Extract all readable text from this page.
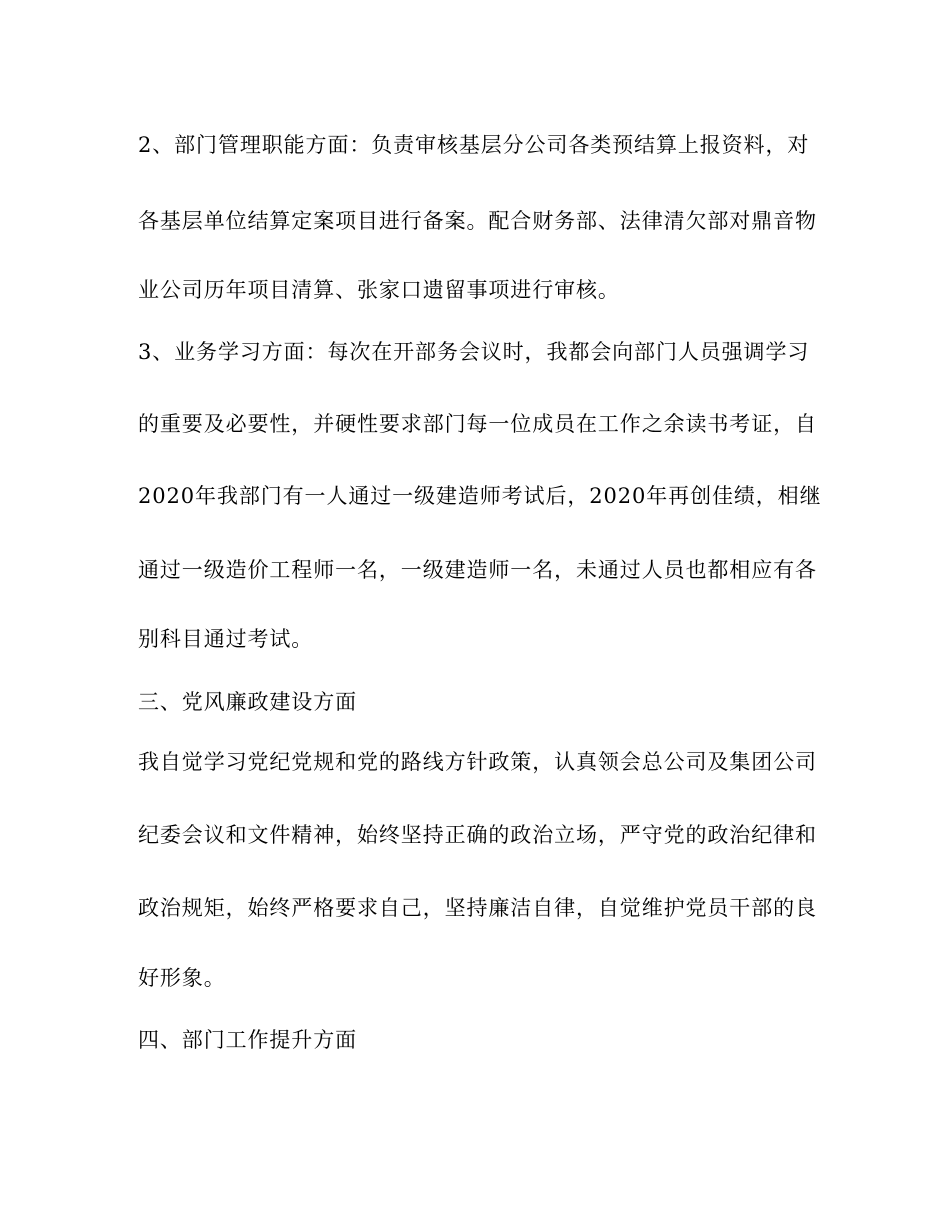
2、部门管理职能方面：负责审核基层分公司各类预结算上报资料，对
各基层单位结算定案项目进行备案。配合财务部、法律清欠部对鼎音物
业公司历年项目清算、张家口遗留事项进行审核。
3、业务学习方面：每次在开部务会议时，我都会向部门人员强调学习
的重要及必要性，并硬性要求部门每一位成员在工作之余读书考证，自
2020年我部门有一人通过一级建造师考试后，2020年再创佳绩，相继
通过一级造价工程师一名，一级建造师一名，未通过人员也都相应有各
别科目通过考试。
三、党风廉政建设方面
我自觉学习党纪党规和党的路线方针政策，认真领会总公司及集团公司
纪委会议和文件精神，始终坚持正确的政治立场，严守党的政治纪律和
政治规矩，始终严格要求自己，坚持廉洁自律，自觉维护党员干部的良
好形象。
四、部门工作提升方面
